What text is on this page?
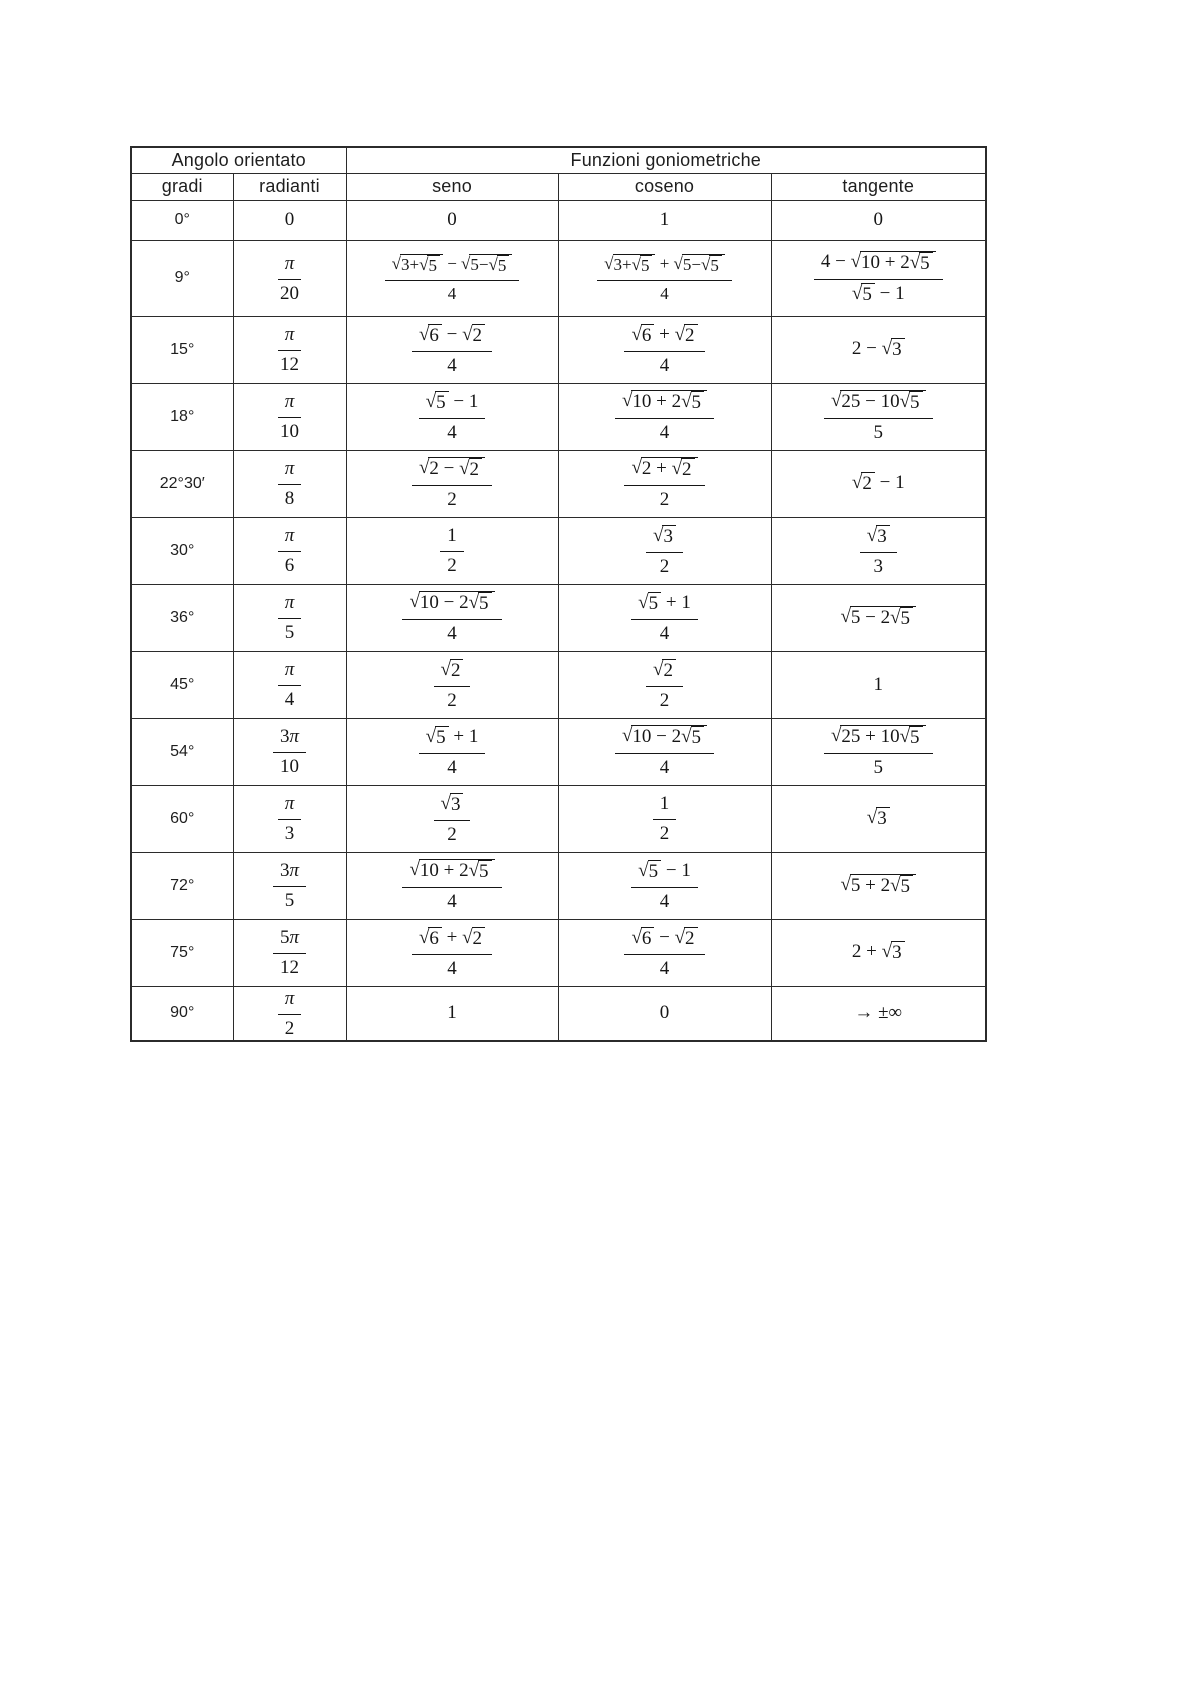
Angolo orientato		Funzioni goniometriche		
gradi	radianti	seno	coseno	tangente
0°	0	0	1	0
9°	$\frac{\pi}{20}$	$\frac{√ 3+ √ 5 - √ 5- √ 5}{4}$	$\frac{√ 3+ √ 5 + √ 5- √ 5}{4}$	$\frac{4 - √ 10 + 2 √ 5}{√ 5 - 1}$

15°	$\frac{\pi}{12}$	$\frac{√ 6 - √ 2}{4}$	$\frac{√ 6 + √ 2}{4}$	2 − √ 3

18°	$\frac{\pi}{10}$	$\frac{√ 5 - 1}{4}$	$\frac{√ 10 + 2 √ 5}{4}$	$\frac{√ 25 - 10 √ 5}{5}$

22°30′	$\frac{\pi}{8}$	$\frac{√ 2 - √ 2}{2}$	$\frac{√ 2 + √ 2}{2}$	√ 2 − 1
30°	$\frac{\pi}{6}$	$\frac{1}{2}$	$\frac{√ 3}{2}$	$\frac{√ 3}{3}$

36°	$\frac{\pi}{5}$	$\frac{√ 10 - 2 √ 5}{4}$	$\frac{√ 5 + 1}{4}$	√ 5 − 2 √ 5

45°	$\frac{\pi}{4}$	$\frac{√ 2}{2}$	$\frac{√ 2}{2}$	1
54°	$\frac{3\pi}{10}$	$\frac{√ 5 + 1}{4}$	$\frac{√ 10 - 2 √ 5}{4}$	$\frac{√ 25 + 10 √ 5}{5}$

60°	$\frac{\pi}{3}$	$\frac{√ 3}{2}$	$\frac{1}{2}$	√ 3

72°	$\frac{3\pi}{5}$	$\frac{√ 10 + 2 √ 5}{4}$	$\frac{√ 5 - 1}{4}$	√ 5 + 2 √ 5

75°	$\frac{5\pi}{12}$	$\frac{√ 6 + √ 2}{4}$	$\frac{√ 6 - √ 2}{4}$	2 + √ 3

90°	$\frac{\pi}{2}$	1	0	→ ±∞
